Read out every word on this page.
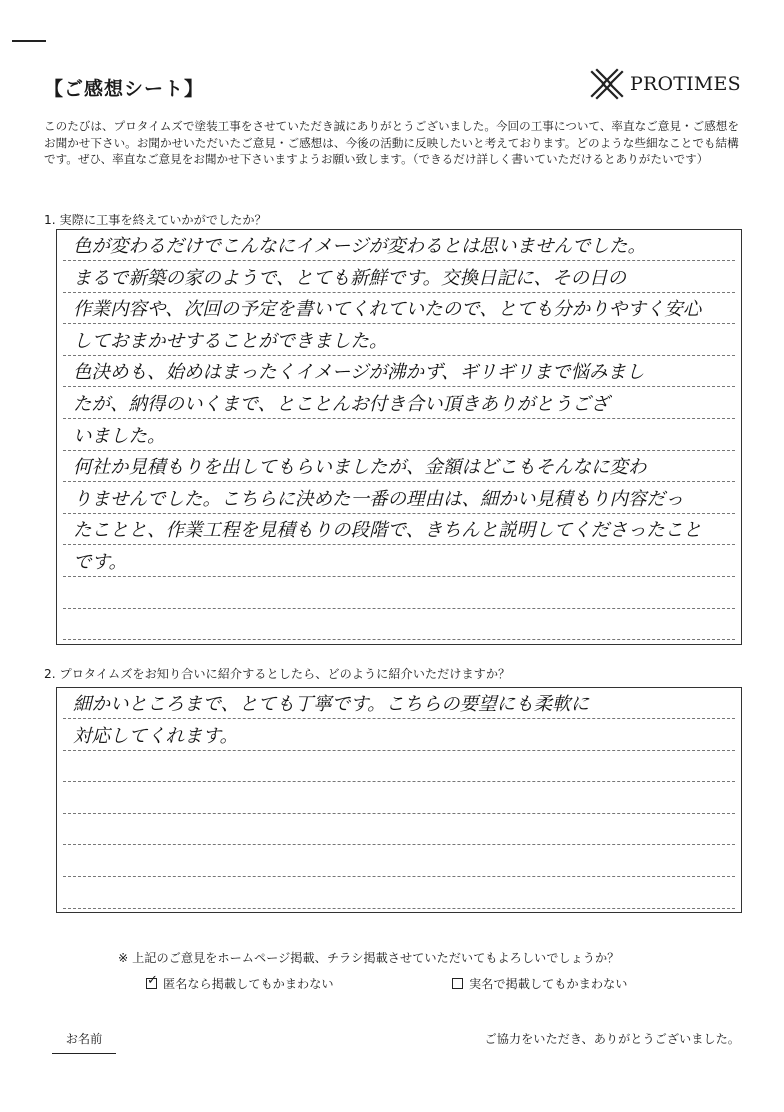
【ご感想シート】	PROTIMES
このたびは、プロタイムズで塗装工事をさせていただき誠にありがとうございました。今回の工事について、率直なご意見・ご感想をお聞かせ下さい。お聞かせいただいたご意見・ご感想は、今後の活動に反映したいと考えております。どのような些細なことでも結構です。ぜひ、率直なご意見をお聞かせ下さいますようお願い致します。（できるだけ詳しく書いていただけるとありがたいです）
1. 実際に工事を終えていかがでしたか？
色が変わるだけでこんなにイメージが変わるとは思いませんでした。
まるで新築の家のようで、とても新鮮です。交換日記に、その日の
作業内容や、次回の予定を書いてくれていたので、とても分かりやすく安心
しておまかせすることができました。
色決めも、始めはまったくイメージが沸かず、ギリギリまで悩みまし
たが、納得のいくまで、とことんお付き合い頂きありがとうござ
いました。
何社か見積もりを出してもらいましたが、金額はどこもそんなに変わ
りませんでした。こちらに決めた一番の理由は、細かい見積もり内容だっ
たことと、作業工程を見積もりの段階で、きちんと説明してくださったこと
です。
2. プロタイムズをお知り合いに紹介するとしたら、どのように紹介いただけますか？
細かいところまで、とても丁寧です。こちらの要望にも柔軟に
対応してくれます。
※ 上記のご意見をホームページ掲載、チラシ掲載させていただいてもよろしいでしょうか？
✓ 匿名なら掲載してもかまわない	実名で掲載してもかまわない
お名前	ご協力をいただき、ありがとうございました。
